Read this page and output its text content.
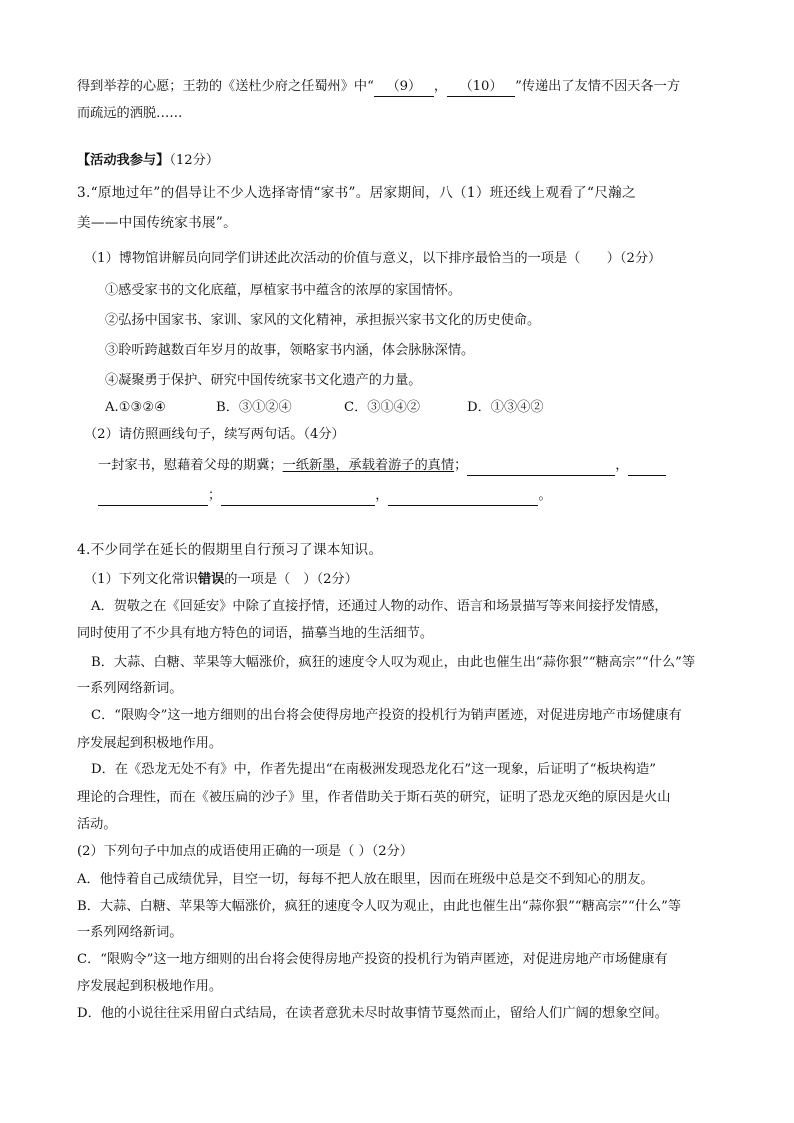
得到举荐的心愿；王勃的《送杜少府之任蜀州》中“ （9） ， （10） ”传递出了友情不因天各一方
而疏远的洒脱……
【活动我参与】（12分）
3.“原地过年”的倡导让不少人选择寄情“家书”。居家期间，八（1）班还线上观看了“尺瀚之
美——中国传统家书展”。
（1）博物馆讲解员向同学们讲述此次活动的价值与意义，以下排序最恰当的一项是（　　）（2分）
①感受家书的文化底蕴，厚植家书中蕴含的浓厚的家国情怀。
②弘扬中国家书、家训、家风的文化精神，承担振兴家书文化的历史使命。
③聆听跨越数百年岁月的故事，领略家书内涵，体会脉脉深情。
④凝聚勇于保护、研究中国传统家书文化遗产的力量。
A.①③②④	B．③①②④	C．③①④②	D．①③④②
（2）请仿照画线句子，续写两句话。（4分）
一封家书，慰藉着父母的期冀；一纸新墨，承载着游子的真情；	，
；	，	。
4.不少同学在延长的假期里自行预习了课本知识。
（1）下列文化常识错误的一项是（　）（2分）
A．贺敬之在《回延安》中除了直接抒情，还通过人物的动作、语言和场景描写等来间接抒发情感，
同时使用了不少具有地方特色的词语，描摹当地的生活细节。
B．大蒜、白糖、苹果等大幅涨价，疯狂的速度令人叹为观止，由此也催生出“蒜你狠”“糖高宗”“什么”等
一系列网络新词。
C．“限购令”这一地方细则的出台将会使得房地产投资的投机行为销声匿迹，对促进房地产市场健康有
序发展起到积极地作用。
D．在《恐龙无处不有》中，作者先提出“在南极洲发现恐龙化石”这一现象，后证明了“板块构造”
理论的合理性，而在《被压扁的沙子》里，作者借助关于斯石英的研究，证明了恐龙灭绝的原因是火山
活动。
(2）下列句子中加点的成语使用正确的一项是（ ）（2分）
A．他恃着自己成绩优异，目空一切，每每不把人放在眼里，因而在班级中总是交不到知心的朋友。
B．大蒜、白糖、苹果等大幅涨价，疯狂的速度令人叹为观止，由此也催生出“蒜你狠”“糖高宗”“什么”等
一系列网络新词。
C．“限购令”这一地方细则的出台将会使得房地产投资的投机行为销声匿迹，对促进房地产市场健康有
序发展起到积极地作用。
D．他的小说往往采用留白式结局，在读者意犹未尽时故事情节戛然而止，留给人们广阔的想象空间。
